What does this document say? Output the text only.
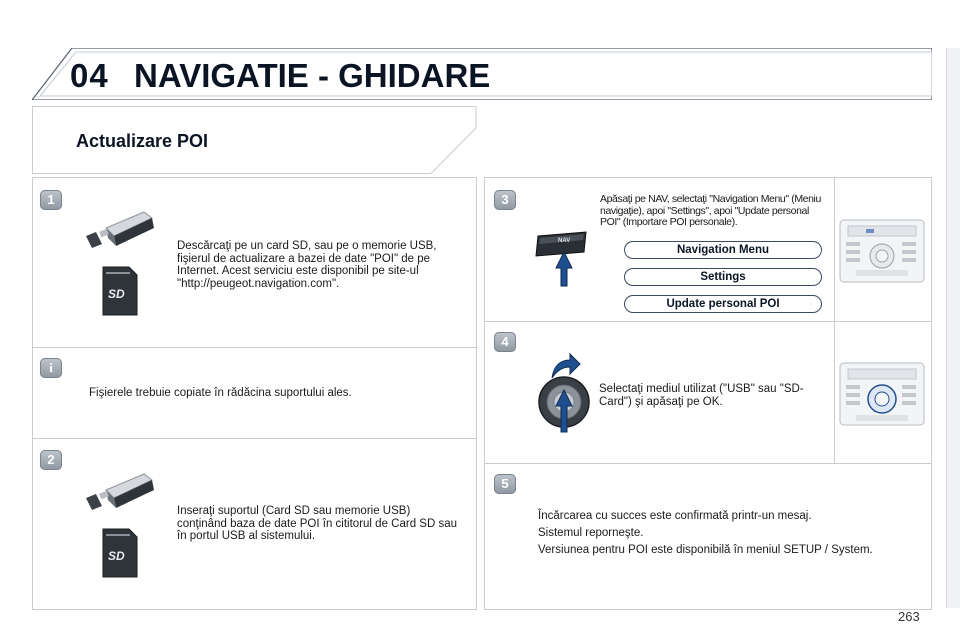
04 NAVIGATIE - GHIDARE
Actualizare POI
1
SD
Descărcaţi pe un card SD, sau pe o memorie USB, fişierul de actualizare a bazei de date "POI" de pe Internet. Acest serviciu este disponibil pe site-ul "http://peugeot.navigation.com".
i
Fişierele trebuie copiate în rădăcina suportului ales.
2
SD
Inseraţi suportul (Card SD sau memorie USB) conţinând baza de date POI în cititorul de Card SD sau în portul USB al sistemului.
3	Apăsaţi pe NAV, selectaţi "Navigation Menu" (Meniu navigaţie), apoi "Settings", apoi "Update personal POI" (Importare POI personale).
NAV
Navigation Menu
Settings
Update personal POI
4
Selectaţi mediul utilizat ("USB" sau "SD-Card") şi apăsaţi pe OK.
5
Încărcarea cu succes este confirmată printr-un mesaj.
Sistemul reporneşte.
Versiunea pentru POI este disponibilă în meniul SETUP / System.
263
